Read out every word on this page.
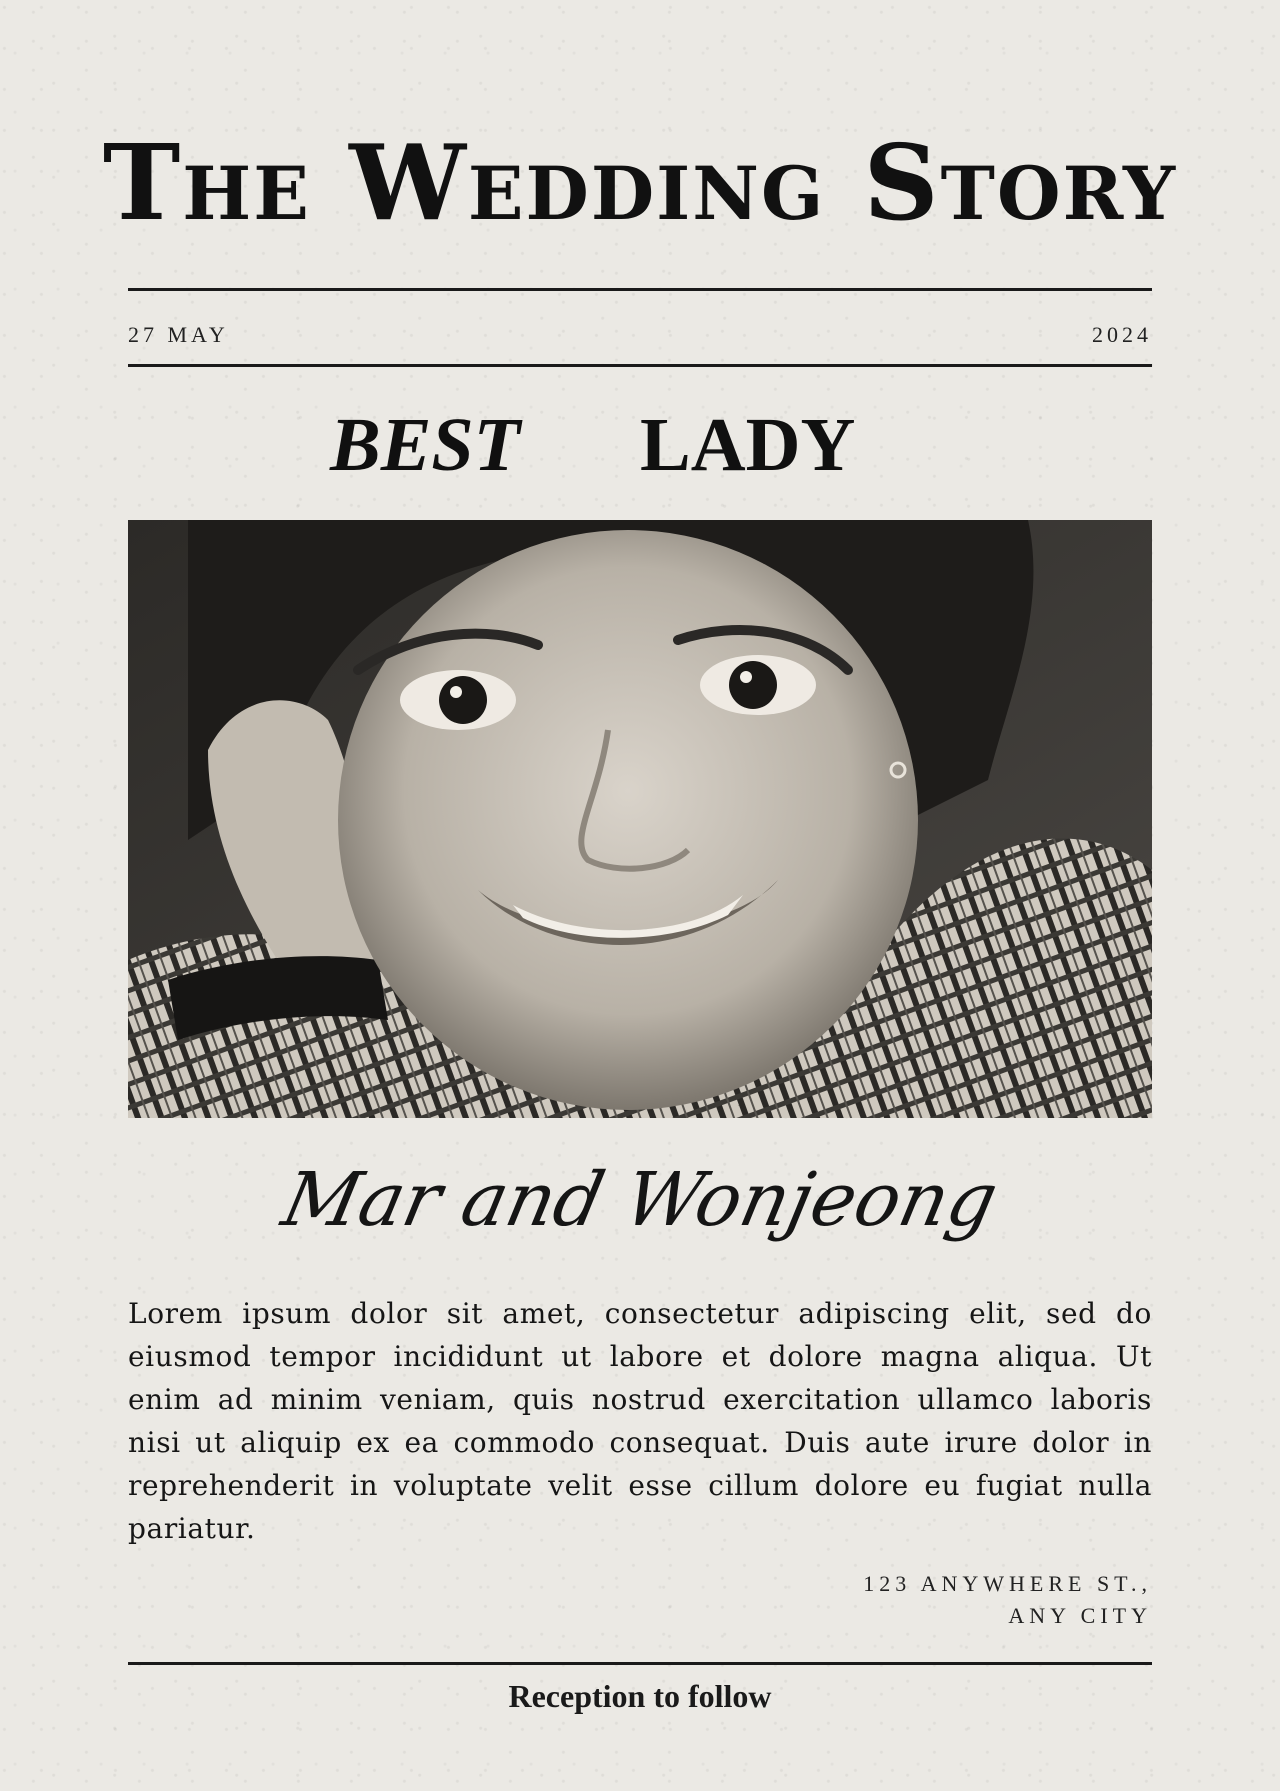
The Wedding Story
27 MAY	2024
BEST LADY
Mar and Wonjeong
Lorem ipsum dolor sit amet, consectetur adipiscing elit, sed do eiusmod tempor incididunt ut labore et dolore magna aliqua. Ut enim ad minim veniam, quis nostrud exercitation ullamco laboris nisi ut aliquip ex ea commodo consequat. Duis aute irure dolor in reprehenderit in voluptate velit esse cillum dolore eu fugiat nulla pariatur.
123 ANYWHERE ST.,
ANY CITY
Reception to follow
